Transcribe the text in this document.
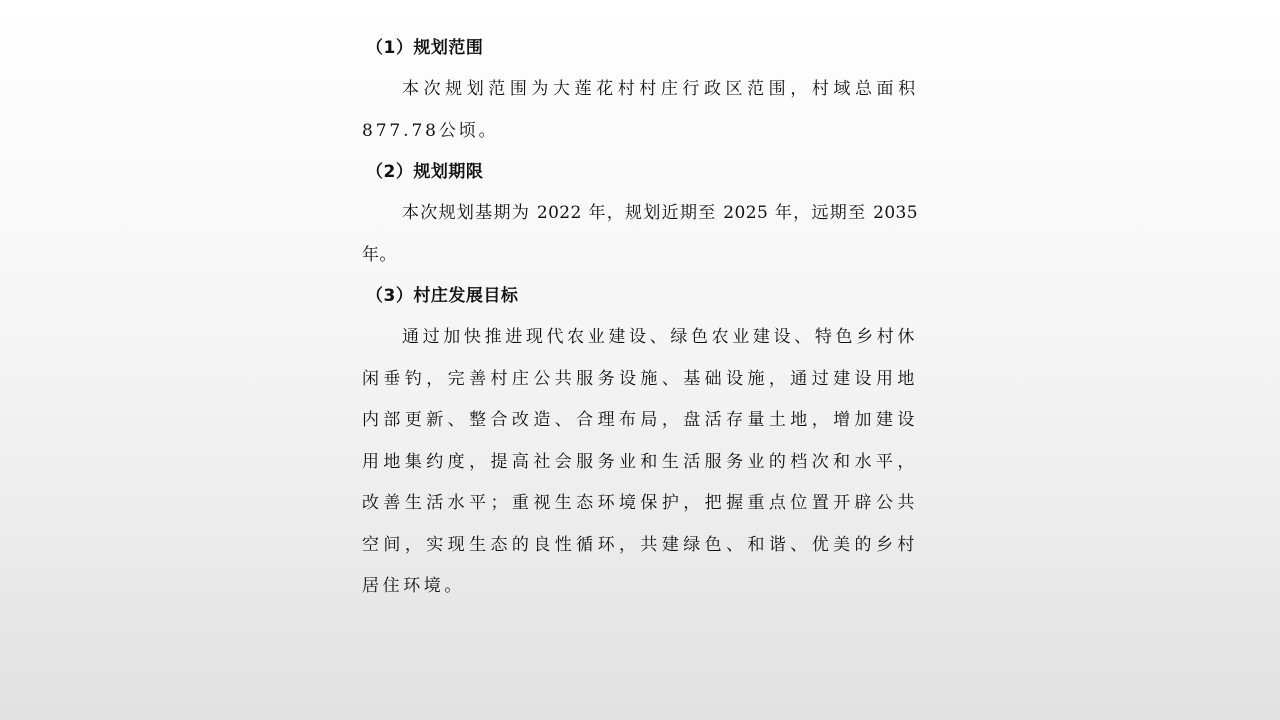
（1）规划范围
本次规划范围为大莲花村村庄行政区范围，村域总面积877.78公顷。
（2）规划期限
本次规划基期为 2022 年，规划近期至 2025 年，远期至 2035 年。
（3）村庄发展目标
通过加快推进现代农业建设、绿色农业建设、特色乡村休闲垂钓，完善村庄公共服务设施、基础设施，通过建设用地内部更新、整合改造、合理布局，盘活存量土地，增加建设用地集约度，提高社会服务业和生活服务业的档次和水平，改善生活水平；重视生态环境保护，把握重点位置开辟公共空间，实现生态的良性循环，共建绿色、和谐、优美的乡村居住环境。
